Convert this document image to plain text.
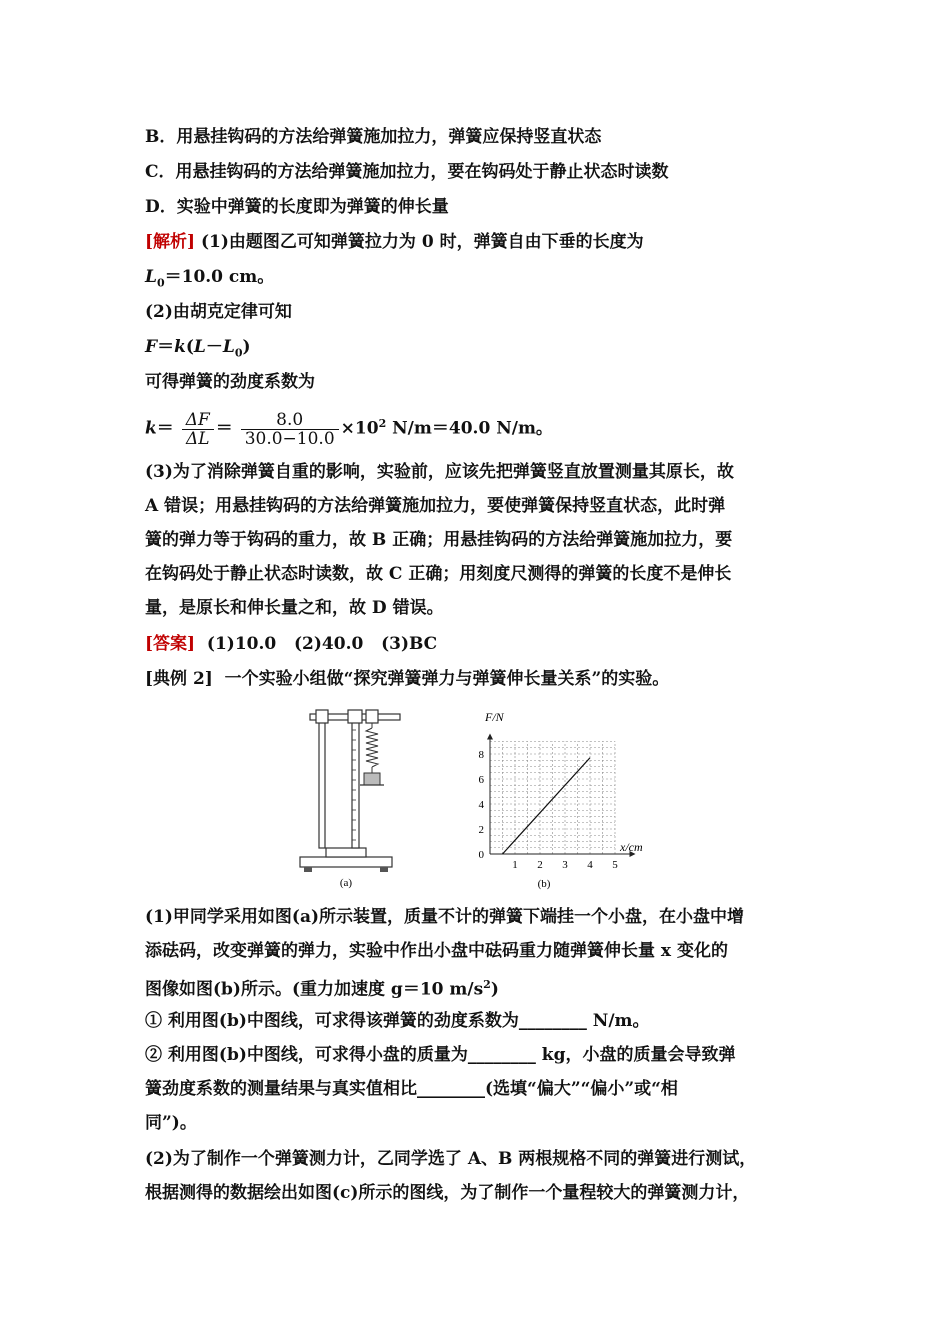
B．用悬挂钩码的方法给弹簧施加拉力，弹簧应保持竖直状态
C．用悬挂钩码的方法给弹簧施加拉力，要在钩码处于静止状态时读数
D．实验中弹簧的长度即为弹簧的伸长量
[解析] (1)由题图乙可知弹簧拉力为 0 时，弹簧自由下垂的长度为
$L_0=10.0$ cm。
(2)由胡克定律可知
$F=k(L-L_0)$
可得弹簧的劲度系数为
$k= \frac{\Delta F}{\Delta L} = \frac{8.0}{30.0-10.0} \times 10^2$ N/m＝40.0 N/m。
(3)为了消除弹簧自重的影响，实验前，应该先把弹簧竖直放置测量其原长，故
A 错误；用悬挂钩码的方法给弹簧施加拉力，要使弹簧保持竖直状态，此时弹
簧的弹力等于钩码的重力，故 B 正确；用悬挂钩码的方法给弹簧施加拉力，要
在钩码处于静止状态时读数，故 C 正确；用刻度尺测得的弹簧的长度不是伸长
量，是原长和伸长量之和，故 D 错误。
[答案]  (1)10.0   (2)40.0   (3)BC
[典例 2]  一个实验小组做“探究弹簧弹力与弹簧伸长量关系”的实验。
(a)
0
2
4
6
8
1 2 3 4 5
F/N
x/cm
(b)
(1)甲同学采用如图(a)所示装置，质量不计的弹簧下端挂一个小盘，在小盘中增
添砝码，改变弹簧的弹力，实验中作出小盘中砝码重力随弹簧伸长量 x 变化的
图像如图(b)所示。(重力加速度 g＝10 $m/s^2$)
① 利用图(b)中图线，可求得该弹簧的劲度系数为________ N/m。
② 利用图(b)中图线，可求得小盘的质量为________ kg，小盘的质量会导致弹
簧劲度系数的测量结果与真实值相比________(选填“偏大”“偏小”或“相
同”)。
(2)为了制作一个弹簧测力计，乙同学选了 A、B 两根规格不同的弹簧进行测试，
根据测得的数据绘出如图(c)所示的图线，为了制作一个量程较大的弹簧测力计，
